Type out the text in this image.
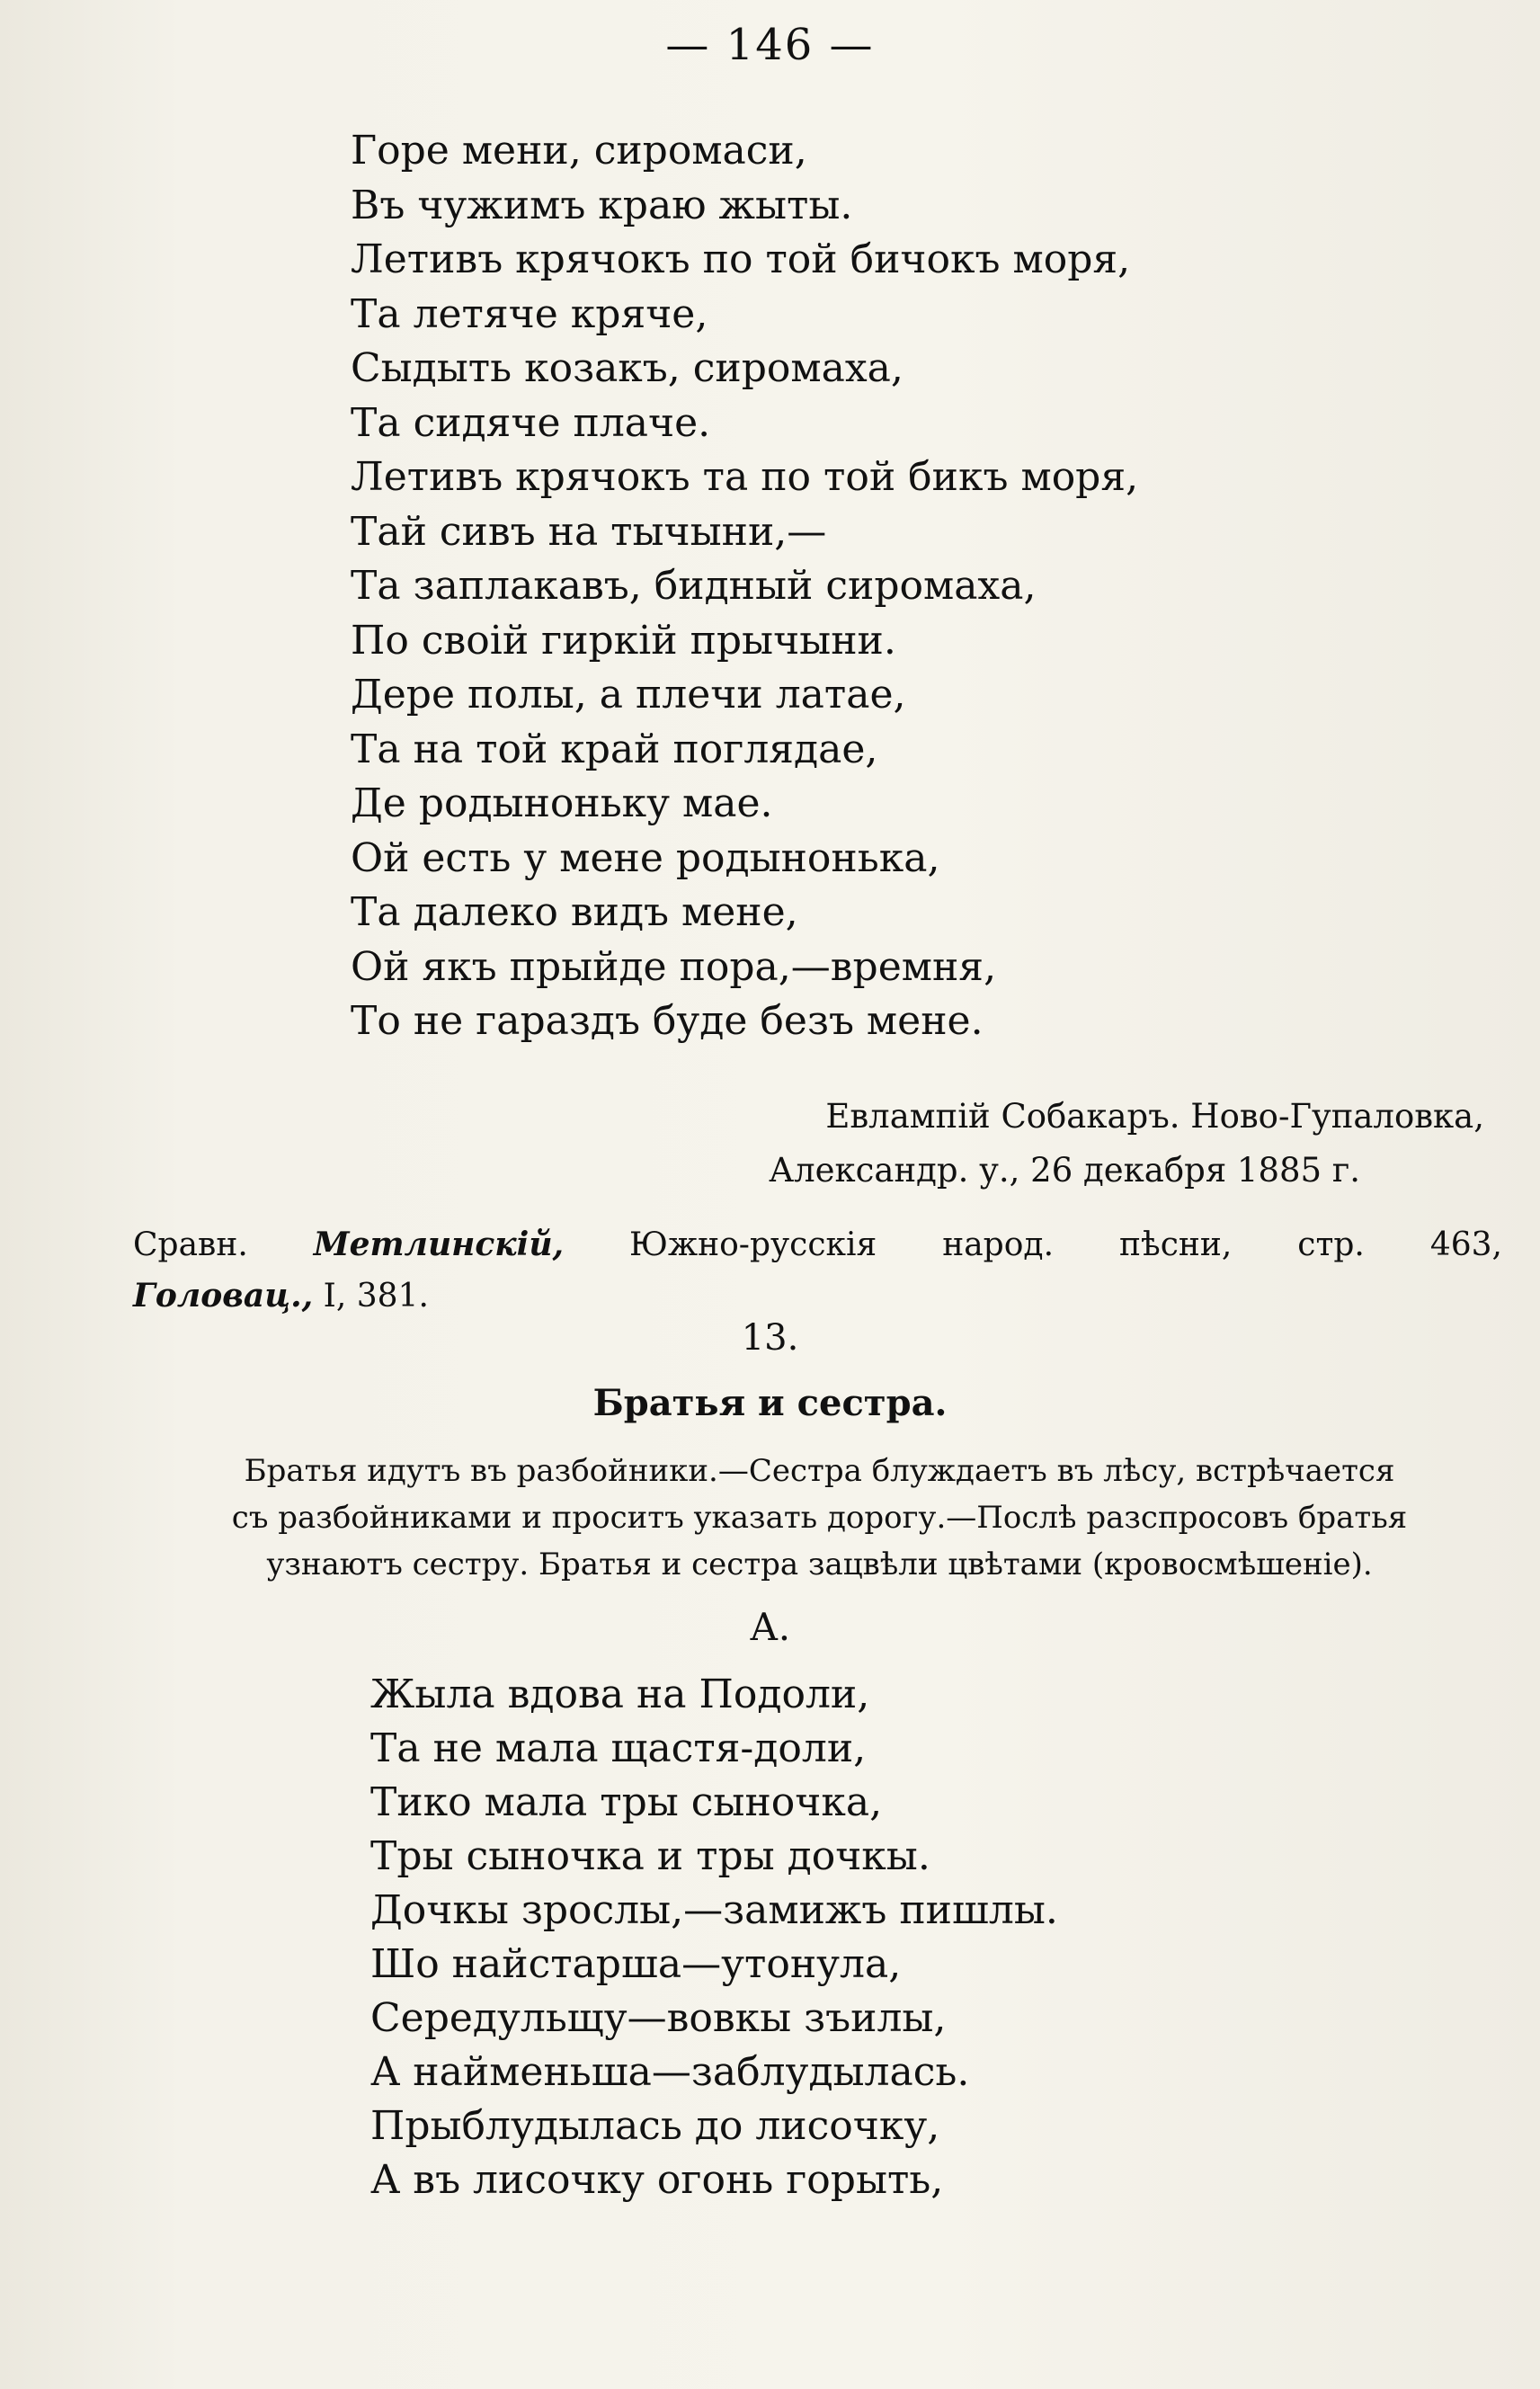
— 146 —
Горе мени, сиромаси,
Въ чужимъ краю жыты.
Летивъ крячокъ по той бичокъ моря,
Та летяче кряче,
Сыдыть козакъ, сиромаха,
Та сидяче плаче.
Летивъ крячокъ та по той бикъ моря,
Тай сивъ на тычыни,—
Та заплакавъ, бидный сиромаха,
По своiй гиркiй прычыни.
Дере полы, а плечи латае,
Та на той край поглядае,
Де родыноньку мае.
Ой есть у мене родынонька,
Та далеко видъ мене,
Ой якъ прыйде пора,—времня,
То не гараздъ буде безъ мене.
Евлампiй Собакаръ. Ново-Гупаловка,
Александр. у., 26 декабря 1885 г.
Сравн. Метлинскiй, Южно-русскiя народ. пѣсни, стр. 463,
Головац., I, 381.
13.
Братья и сестра.
Братья идутъ въ разбойники.—Сестра блуждаетъ въ лѣсу, встрѣчается
съ разбойниками и проситъ указать дорогу.—Послѣ разспросовъ братья
узнаютъ сестру. Братья и сестра зацвѣли цвѣтами (кровосмѣшенiе).
А.
Жыла вдова на Подоли,
Та не мала щастя-доли,
Тико мала тры сыночка,
Тры сыночка и тры дочкы.
Дочкы зрослы,—замижъ пишлы.
Шо найстарша—утонула,
Середульщу—вовкы зъилы,
А найменьша—заблудылась.
Прыблудылась до лисочку,
А въ лисочку огонь горыть,
